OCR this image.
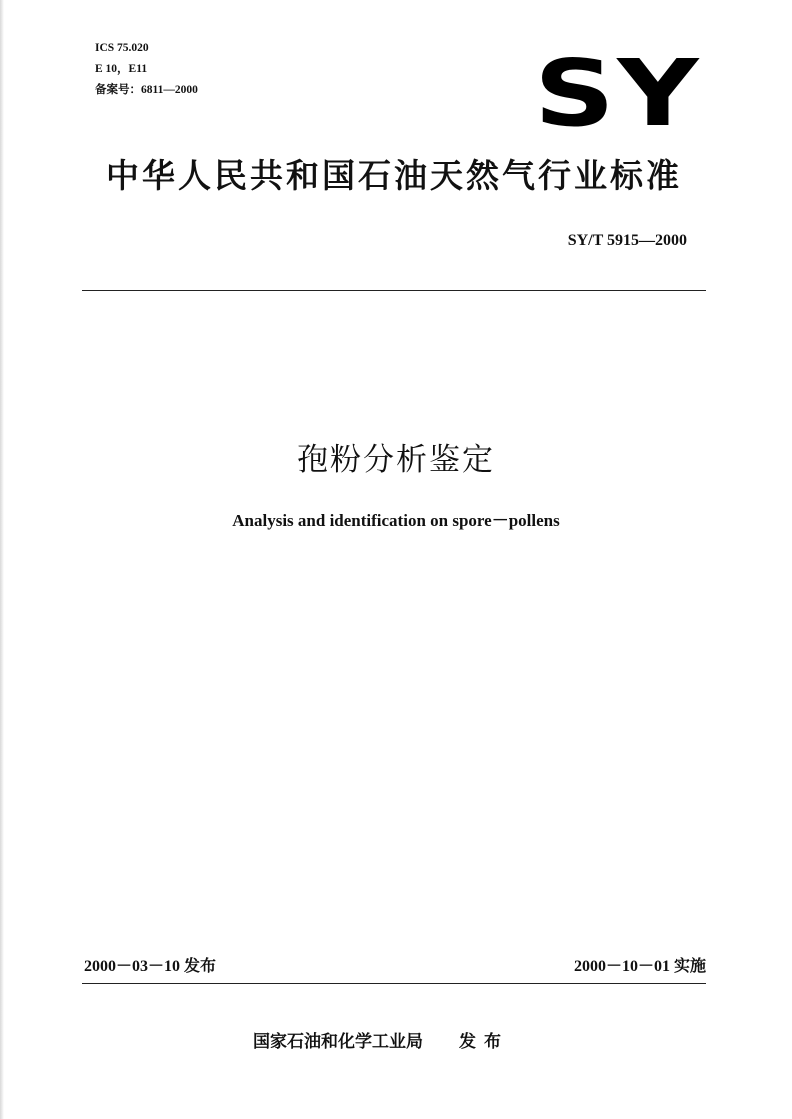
ICS 75.020
E 10，E11
备案号：6811—2000	SY
中华人民共和国石油天然气行业标准
SY/T 5915—2000
孢粉分析鉴定
Analysis and identification on spore－pollens
2000－03－10 发布	2000－10－01 实施
国家石油和化学工业局 发布
